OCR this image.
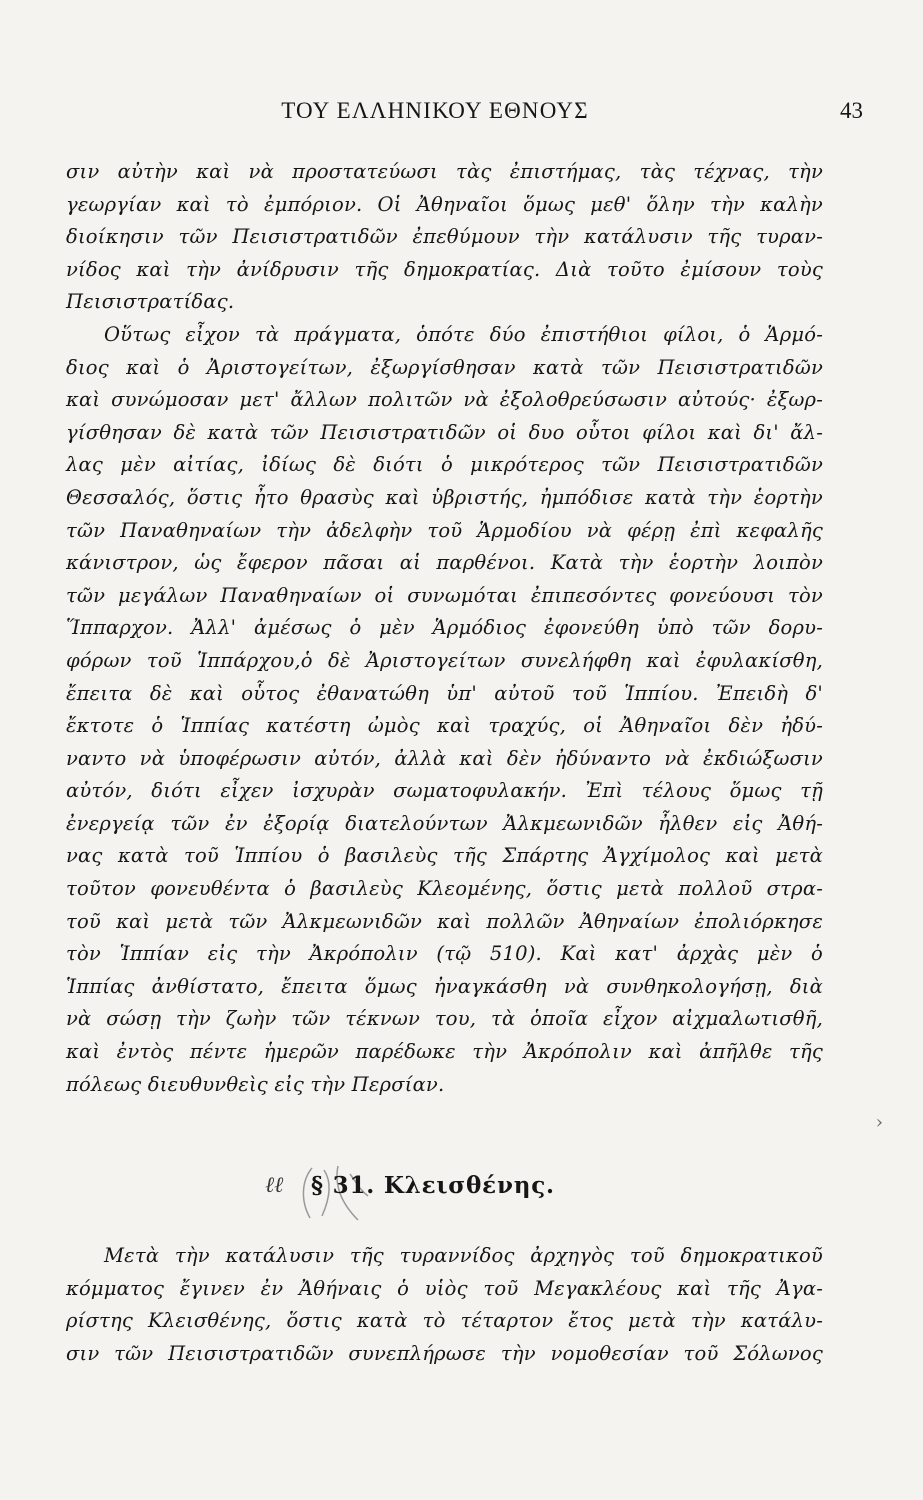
ΤΟΥ ΕΛΛΗΝΙΚΟΥ ΕΘΝΟΥΣ	43
σιν αὐτὴν καὶ νὰ προστατεύωσι τὰς ἐπιστήμας, τὰς τέχνας, τὴν
γεωργίαν καὶ τὸ ἐμπόριον. Οἱ Ἀθηναῖοι ὅμως μεθ' ὅλην τὴν καλὴν
διοίκησιν τῶν Πεισιστρατιδῶν ἐπεθύμουν τὴν κατάλυσιν τῆς τυραν-
νίδος καὶ τὴν ἀνίδρυσιν τῆς δημοκρατίας. Διὰ τοῦτο ἐμίσουν τοὺς
Πεισιστρατίδας.
Οὕτως εἶχον τὰ πράγματα, ὁπότε δύο ἐπιστήθιοι φίλοι, ὁ Ἁρμό-
διος καὶ ὁ Ἀριστογείτων, ἐξωργίσθησαν κατὰ τῶν Πεισιστρατιδῶν
καὶ συνώμοσαν μετ' ἄλλων πολιτῶν νὰ ἐξολοθρεύσωσιν αὐτούς· ἐξωρ-
γίσθησαν δὲ κατὰ τῶν Πεισιστρατιδῶν οἱ δυο οὗτοι φίλοι καὶ δι' ἄλ-
λας μὲν αἰτίας, ἰδίως δὲ διότι ὁ μικρότερος τῶν Πεισιστρατιδῶν
Θεσσαλός, ὅστις ἦτο θρασὺς καὶ ὑβριστής, ἠμπόδισε κατὰ τὴν ἑορτὴν
τῶν Παναθηναίων τὴν ἀδελφὴν τοῦ Ἁρμοδίου νὰ φέρῃ ἐπὶ κεφαλῆς
κάνιστρον, ὡς ἔφερον πᾶσαι αἱ παρθένοι. Κατὰ τὴν ἑορτὴν λοιπὸν
τῶν μεγάλων Παναθηναίων οἱ συνωμόται ἐπιπεσόντες φονεύουσι τὸν
Ἵππαρχον. Ἀλλ' ἀμέσως ὁ μὲν Ἁρμόδιος ἐφονεύθη ὑπὸ τῶν δορυ-
φόρων τοῦ Ἱππάρχου,ὁ δὲ Ἀριστογείτων συνελήφθη καὶ ἐφυλακίσθη,
ἔπειτα δὲ καὶ οὗτος ἐθανατώθη ὑπ' αὐτοῦ τοῦ Ἱππίου. Ἐπειδὴ δ'
ἔκτοτε ὁ Ἱππίας κατέστη ὠμὸς καὶ τραχύς, οἱ Ἀθηναῖοι δὲν ἠδύ-
ναντο νὰ ὑποφέρωσιν αὐτόν, ἀλλὰ καὶ δὲν ἠδύναντο νὰ ἐκδιώξωσιν
αὐτόν, διότι εἶχεν ἰσχυρὰν σωματοφυλακήν. Ἐπὶ τέλους ὅμως τῇ
ἐνεργείᾳ τῶν ἐν ἐξορίᾳ διατελούντων Ἀλκμεωνιδῶν ἦλθεν εἰς Ἀθή-
νας κατὰ τοῦ Ἱππίου ὁ βασιλεὺς τῆς Σπάρτης Ἀγχίμολος καὶ μετὰ
τοῦτον φονευθέντα ὁ βασιλεὺς Κλεομένης, ὅστις μετὰ πολλοῦ στρα-
τοῦ καὶ μετὰ τῶν Ἀλκμεωνιδῶν καὶ πολλῶν Ἀθηναίων ἐπολιόρκησε
τὸν Ἱππίαν εἰς τὴν Ἀκρόπολιν (τῷ 510). Καὶ κατ' ἀρχὰς μὲν ὁ
Ἱππίας ἀνθίστατο, ἔπειτα ὅμως ἠναγκάσθη νὰ συνθηκολογήσῃ, διὰ
νὰ σώσῃ τὴν ζωὴν τῶν τέκνων του, τὰ ὁποῖα εἶχον αἰχμαλωτισθῆ,
καὶ ἐντὸς πέντε ἡμερῶν παρέδωκε τὴν Ἀκρόπολιν καὶ ἀπῆλθε τῆς
πόλεως διευθυνθεὶς εἰς τὴν Περσίαν.
›
ℓℓ § 31. Κλεισθένης.
Μετὰ τὴν κατάλυσιν τῆς τυραννίδος ἀρχηγὸς τοῦ δημοκρατικοῦ
κόμματος ἔγινεν ἐν Ἀθήναις ὁ υἱὸς τοῦ Μεγακλέους καὶ τῆς Ἀγα-
ρίστης Κλεισθένης, ὅστις κατὰ τὸ τέταρτον ἔτος μετὰ τὴν κατάλυ-
σιν τῶν Πεισιστρατιδῶν συνεπλήρωσε τὴν νομοθεσίαν τοῦ Σόλωνος
